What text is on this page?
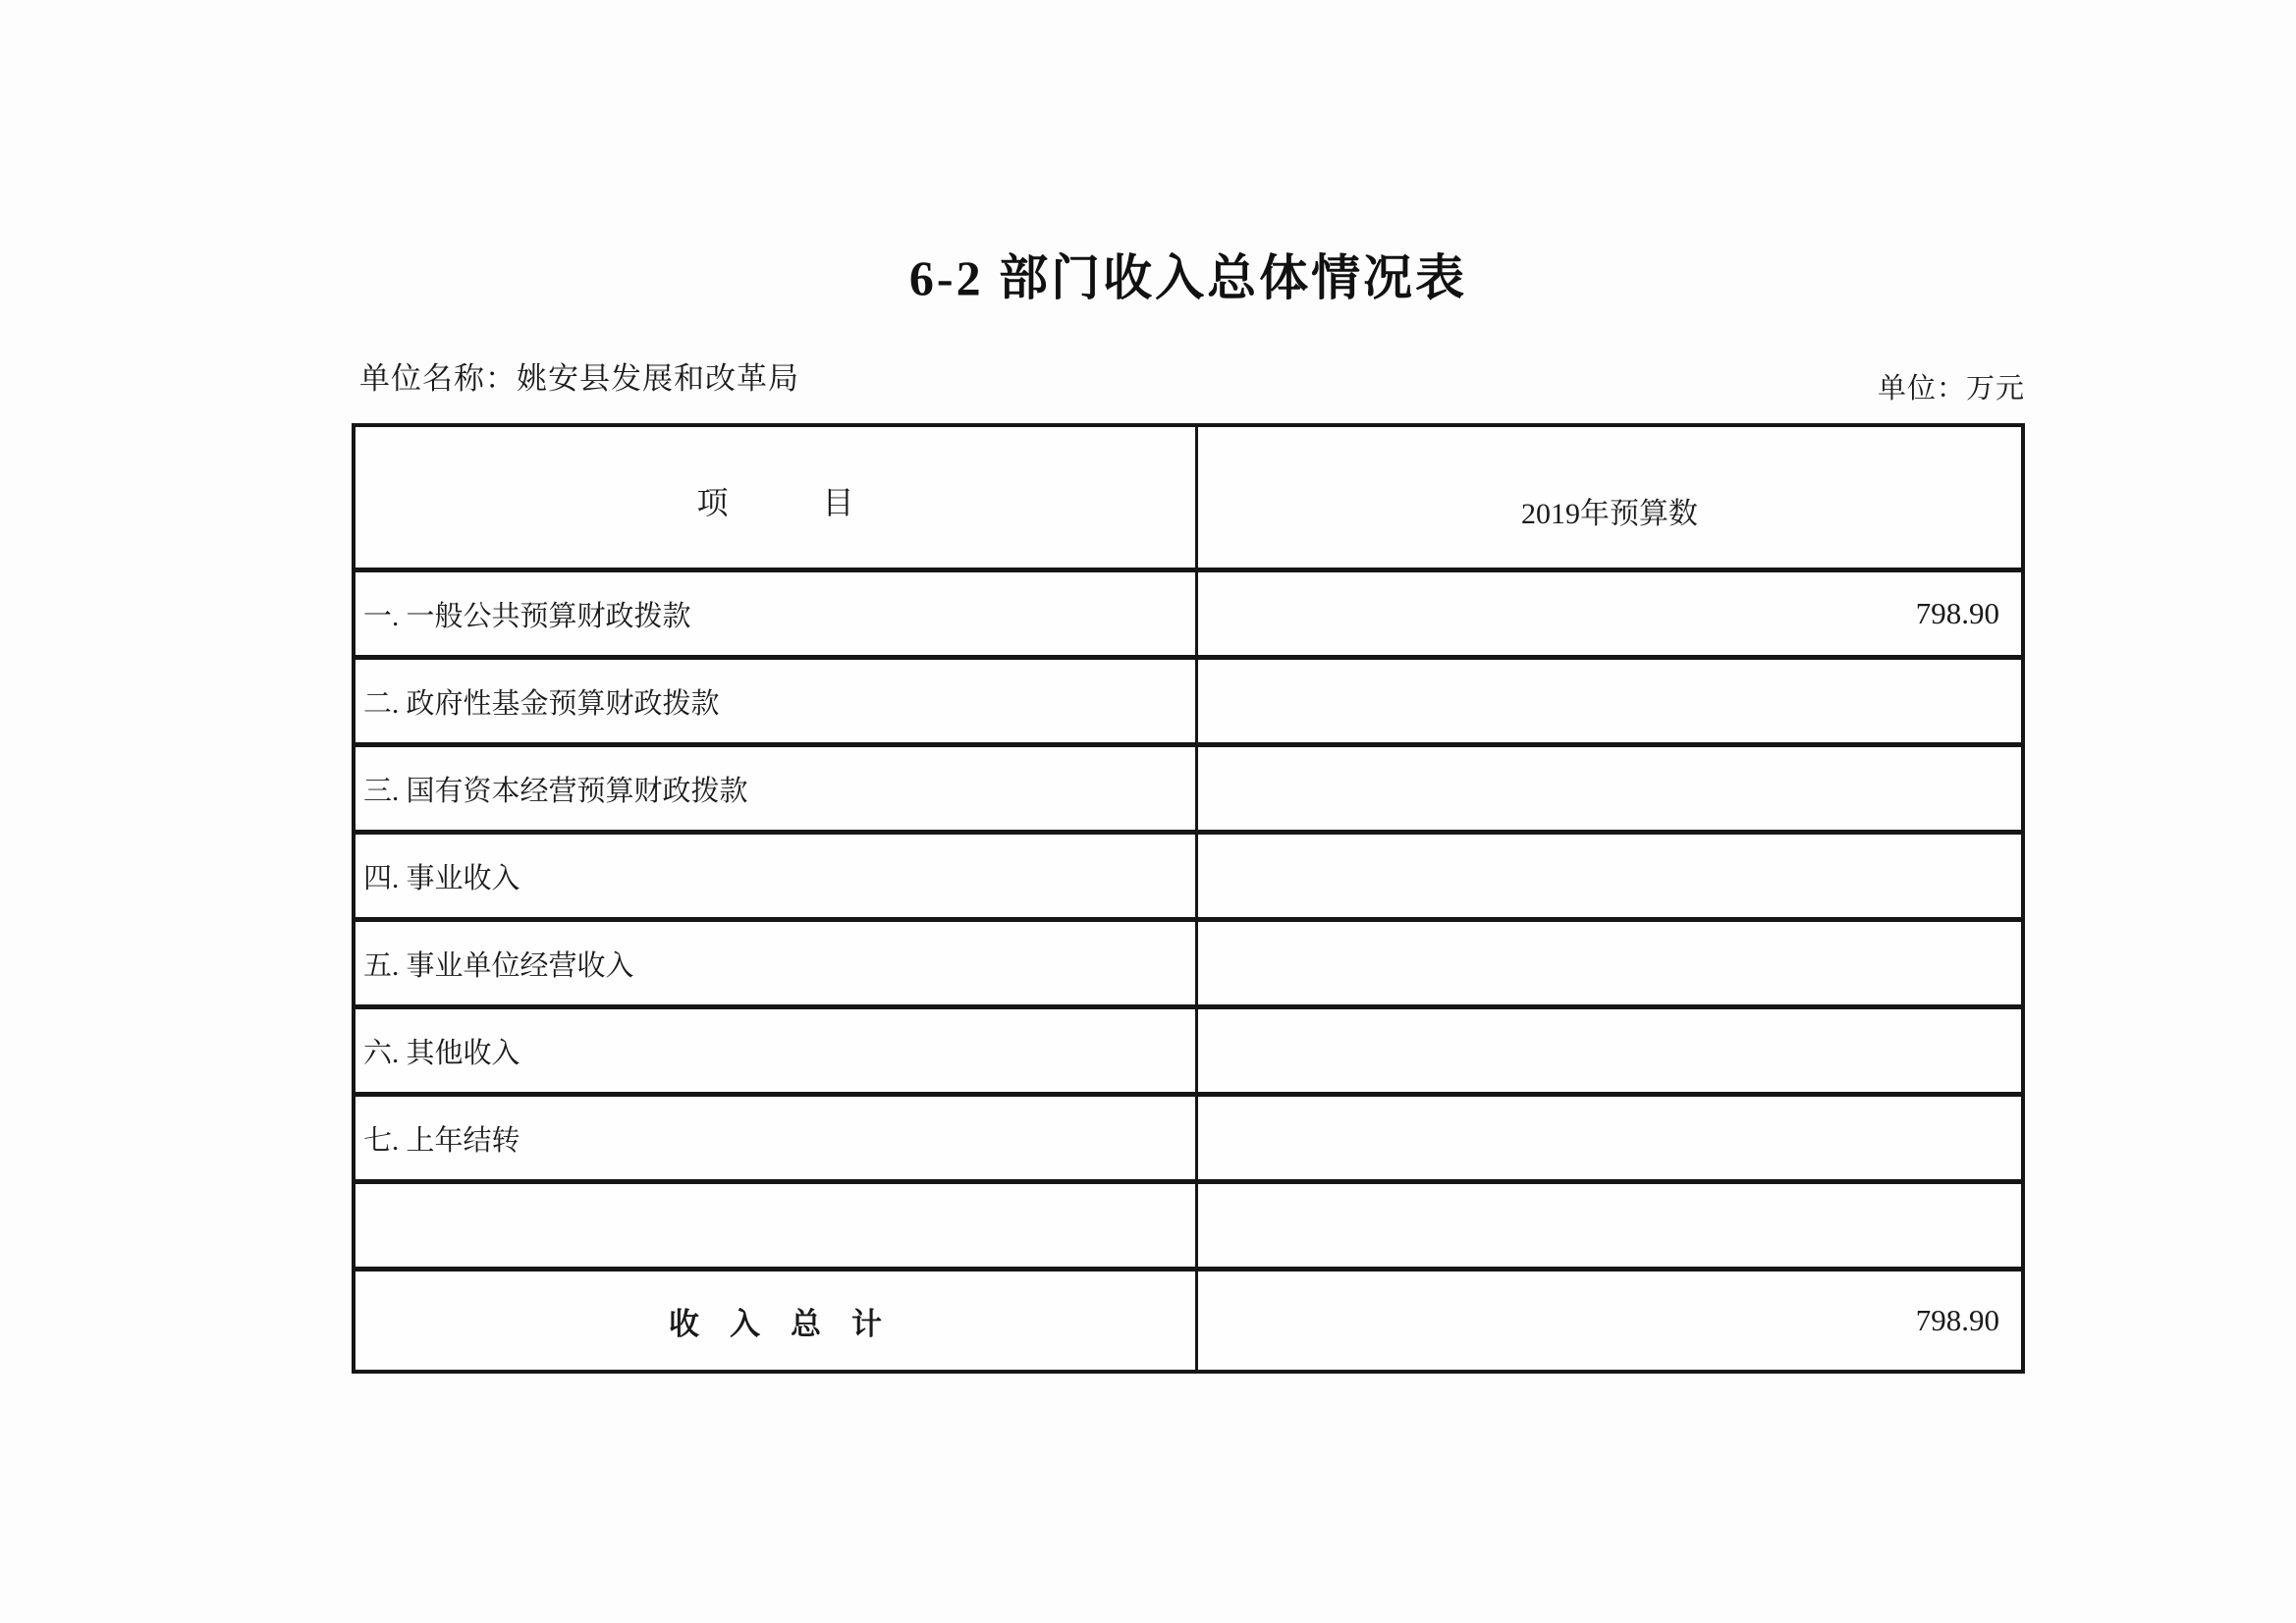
6-2 部门收入总体情况表
单位名称：姚安县发展和改革局	单位：万元
项　　　目	2019年预算数
一. 一般公共预算财政拨款	798.90
二. 政府性基金预算财政拨款
三. 国有资本经营预算财政拨款
四. 事业收入
五. 事业单位经营收入
六. 其他收入
七. 上年结转
收　入　总　计	798.90
